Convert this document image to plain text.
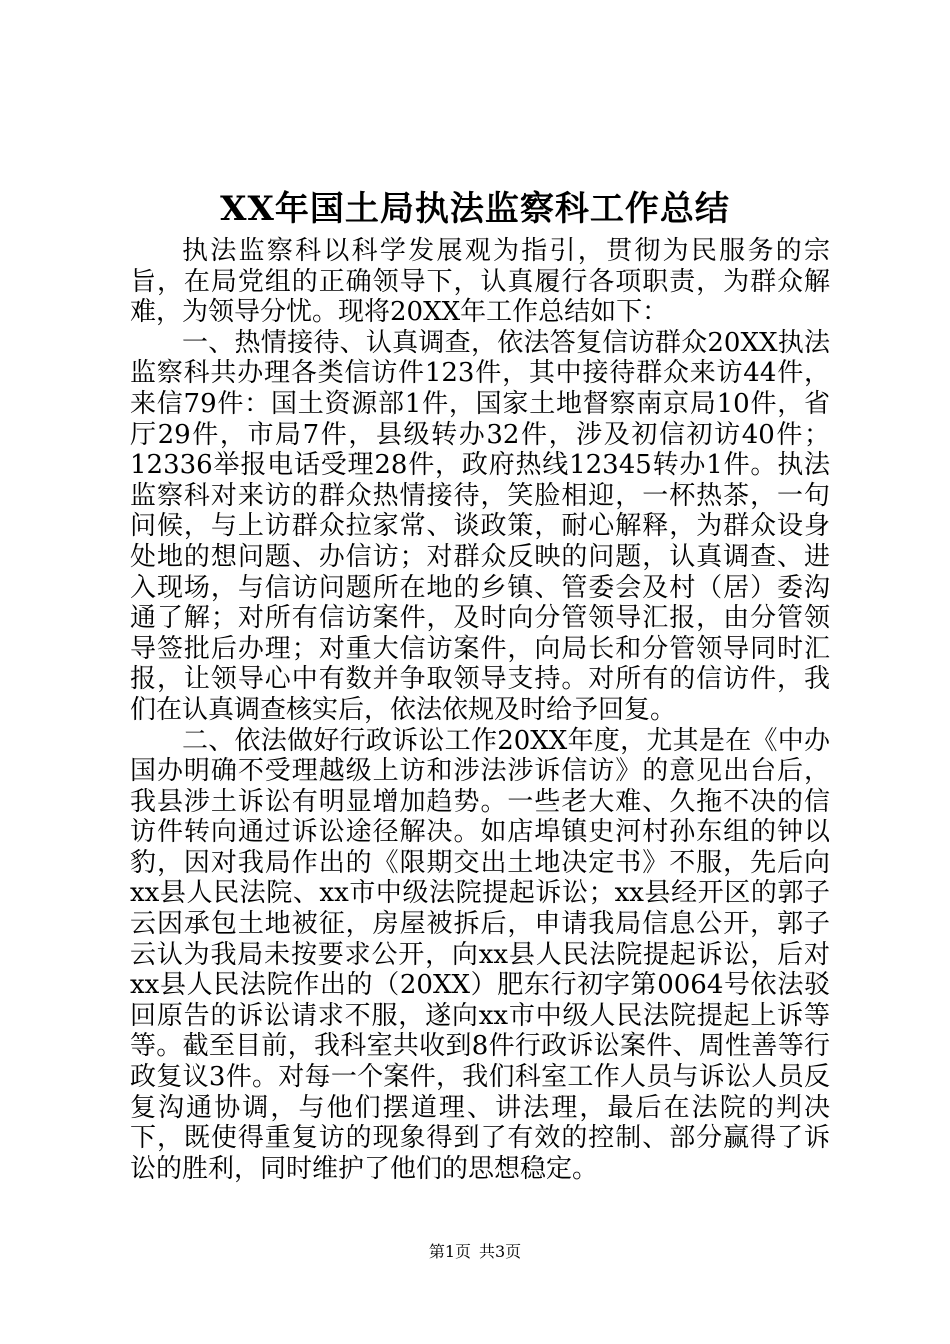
XX年国土局执法监察科工作总结

执法监察科以科学发展观为指引，贯彻为民服务的宗旨，在局党组的正确领导下，认真履行各项职责，为群众解难，为领导分忧。现将20XX年工作总结如下：

一、热情接待、认真调查，依法答复信访群众20XX执法监察科共办理各类信访件123件，其中接待群众来访44件，来信79件：国土资源部1件，国家土地督察南京局10件，省厅29件，市局7件，县级转办32件，涉及初信初访40件；12336举报电话受理28件，政府热线12345转办1件。执法监察科对来访的群众热情接待，笑脸相迎，一杯热茶，一句问候，与上访群众拉家常、谈政策，耐心解释，为群众设身处地的想问题、办信访；对群众反映的问题，认真调查、进入现场，与信访问题所在地的乡镇、管委会及村（居）委沟通了解；对所有信访案件，及时向分管领导汇报，由分管领导签批后办理；对重大信访案件，向局长和分管领导同时汇报，让领导心中有数并争取领导支持。对所有的信访件，我们在认真调查核实后，依法依规及时给予回复。

二、依法做好行政诉讼工作20XX年度，尤其是在《中办国办明确不受理越级上访和涉法涉诉信访》的意见出台后，我县涉土诉讼有明显增加趋势。一些老大难、久拖不决的信访件转向通过诉讼途径解决。如店埠镇史河村孙东组的钟以豹，因对我局作出的《限期交出土地决定书》不服，先后向xx县人民法院、xx市中级法院提起诉讼；xx县经开区的郭子云因承包土地被征，房屋被拆后，申请我局信息公开，郭子云认为我局未按要求公开，向xx县人民法院提起诉讼，后对xx县人民法院作出的（20XX）肥东行初字第0064号依法驳回原告的诉讼请求不服，遂向xx市中级人民法院提起上诉等等。截至目前，我科室共收到8件行政诉讼案件、周性善等行政复议3件。对每一个案件，我们科室工作人员与诉讼人员反复沟通协调，与他们摆道理、讲法理，最后在法院的判决下，既使得重复访的现象得到了有效的控制、部分赢得了诉讼的胜利，同时维护了他们的思想稳定。

第1页 共3页
